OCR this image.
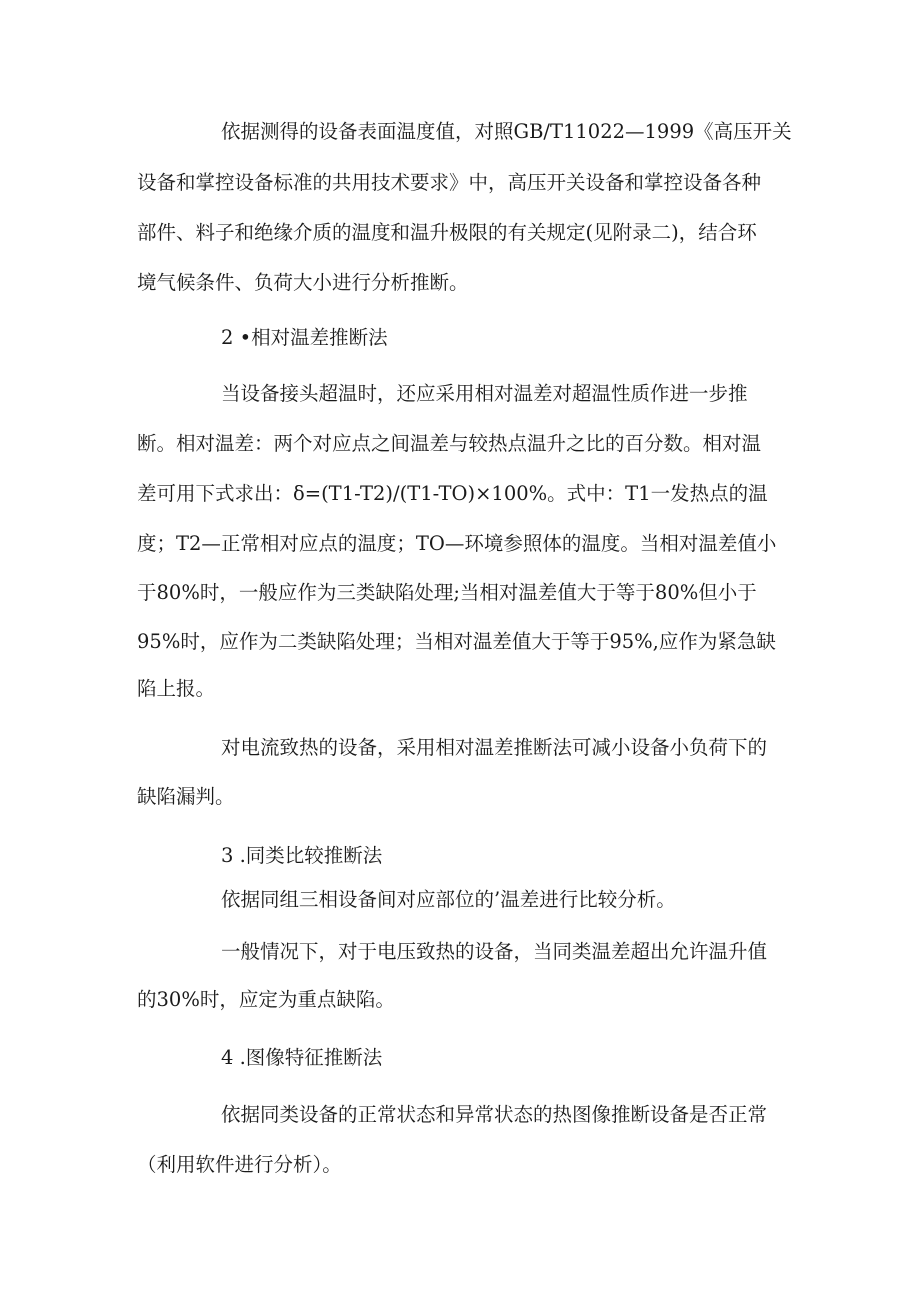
依据测得的设备表面温度值，对照GB/T11022—1999《高压开关
设备和掌控设备标准的共用技术要求》中，高压开关设备和掌控设备各种
部件、料子和绝缘介质的温度和温升极限的有关规定(见附录二)，结合环
境气候条件、负荷大小进行分析推断。
2 •相对温差推断法
当设备接头超温时，还应采用相对温差对超温性质作进一步推
断。相对温差：两个对应点之间温差与较热点温升之比的百分数。相对温
差可用下式求出：δ=(T1-T2)/(T1-TO)×100%。式中：T1一发热点的温
度；T2—正常相对应点的温度；TO—环境参照体的温度。当相对温差值小
于80%时，一般应作为三类缺陷处理;当相对温差值大于等于80%但小于
95%时，应作为二类缺陷处理；当相对温差值大于等于95%,应作为紧急缺
陷上报。
对电流致热的设备，采用相对温差推断法可减小设备小负荷下的
缺陷漏判。
3 .同类比较推断法
依据同组三相设备间对应部位的’温差进行比较分析。
一般情况下，对于电压致热的设备，当同类温差超出允许温升值
的30%时，应定为重点缺陷。
4 .图像特征推断法
依据同类设备的正常状态和异常状态的热图像推断设备是否正常
（利用软件进行分析）。
